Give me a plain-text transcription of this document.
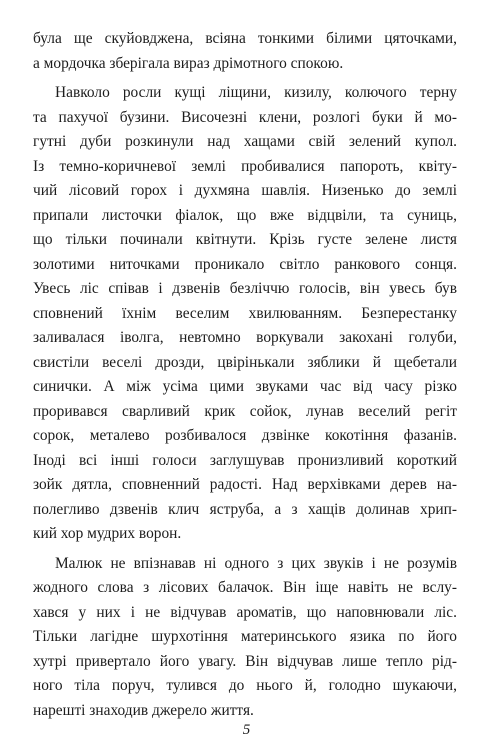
була ще скуйовджена, всіяна тонкими білими цяточками,
а мордочка зберігала вираз дрімотного спокою.
Навколо росли кущі ліщини, кизилу, колючого терну
та пахучої бузини. Височезні клени, розлогі буки й мо-
гутні дуби розкинули над хащами свій зелений купол.
Із темно-коричневої землі пробивалися папороть, квіту-
чий лісовий горох і духмяна шавлія. Низенько до землі
припали листочки фіалок, що вже відцвіли, та суниць,
що тільки починали квітнути. Крізь густе зелене листя
золотими ниточками проникало світло ранкового сонця.
Увесь ліс співав і дзвенів безліччю голосів, він увесь був
сповнений їхнім веселим хвилюванням. Безперестанку
заливалася іволга, невтомно воркували закохані голуби,
свистіли веселі дрозди, цвірінькали зяблики й щебетали
синички. А між усіма цими звуками час від часу різко
проривався сварливий крик сойок, лунав веселий регіт
сорок, металево розбивалося дзвінке кокотіння фазанів.
Іноді всі інші голоси заглушував пронизливий короткий
зойк дятла, сповненний радості. Над верхівками дерев на-
полегливо дзвенів клич яструба, а з хащів долинав хрип-
кий хор мудрих ворон.
Малюк не впізнавав ні одного з цих звуків і не розумів
жодного слова з лісових балачок. Він іще навіть не вслу-
хався у них і не відчував ароматів, що наповнювали ліс.
Тільки лагідне шурхотіння материнського язика по його
хутрі привертало його увагу. Він відчував лише тепло рід-
ного тіла поруч, тулився до нього й, голодно шукаючи,
нарешті знаходив джерело життя.
5
